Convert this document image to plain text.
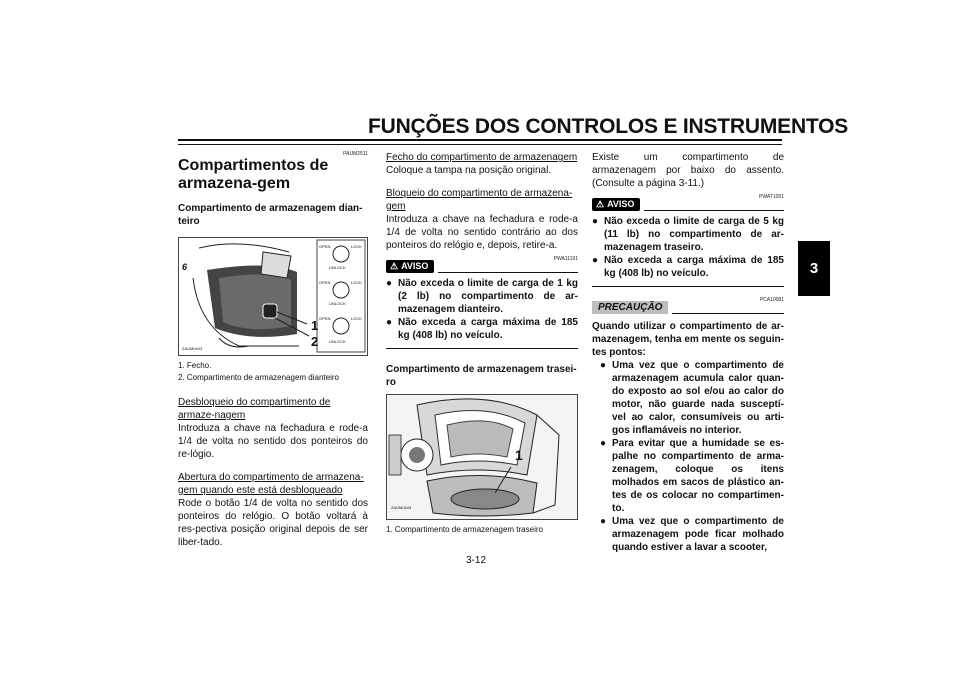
FUNÇÕES DOS CONTROLOS E INSTRUMENTOS
3
PAUM2511
Compartimentos de armazena-gem
Compartimento de armazenagem dian-teiro
6
OPEN	LOCK
UNLOCK
OPEN	LOCK
UNLOCK
OPEN	LOCK
UNLOCK
1
2
ZAUM0443
1. Fecho.
2. Compartimento de armazenagem dianteiro
Desbloqueio do compartimento de armaze-nagem
Introduza a chave na fechadura e rode-a 1/4 de volta no sentido dos ponteiros do re-lógio.
Abertura do compartimento de armazena-gem quando este está desbloqueado
Rode o botão 1/4 de volta no sentido dos ponteiros do relógio. O botão voltará à res-pectiva posição original depois de ser liber-tado.
Fecho do compartimento de armazenagem
Coloque a tampa na posição original.
Bloqueio do compartimento de armazena-gem
Introduza a chave na fechadura e rode-a 1/4 de volta no sentido contrário ao dos ponteiros do relógio e, depois, retire-a.
PWA11191
⚠ AVISO
● Não exceda o limite de carga de 1 kg (2 lb) no compartimento de ar-mazenagem dianteiro.
● Não exceda a carga máxima de 185 kg (408 lb) no veículo.
Compartimento de armazenagem trasei-ro
1
ZAUM0444
1. Compartimento de armazenagem traseiro
3-12
Existe um compartimento de armazenagem por baixo do assento. (Consulte a página 3-11.)
PWAT1051
⚠ AVISO
● Não exceda o limite de carga de 5 kg (11 lb) no compartimento de ar-mazenagem traseiro.
● Não exceda a carga máxima de 185 kg (408 lb) no veículo.
PCA10081
PRECAUÇÃO
Quando utilizar o compartimento de ar-mazenagem, tenha em mente os seguin-tes pontos:
● Uma vez que o compartimento de armazenagem acumula calor quan-do exposto ao sol e/ou ao calor do motor, não guarde nada susceptí-vel ao calor, consumíveis ou arti-gos inflamáveis no interior.
● Para evitar que a humidade se es-palhe no compartimento de arma-zenagem, coloque os itens molhados em sacos de plástico an-tes de os colocar no compartimen-to.
● Uma vez que o compartimento de armazenagem pode ficar molhado quando estiver a lavar a scooter,
